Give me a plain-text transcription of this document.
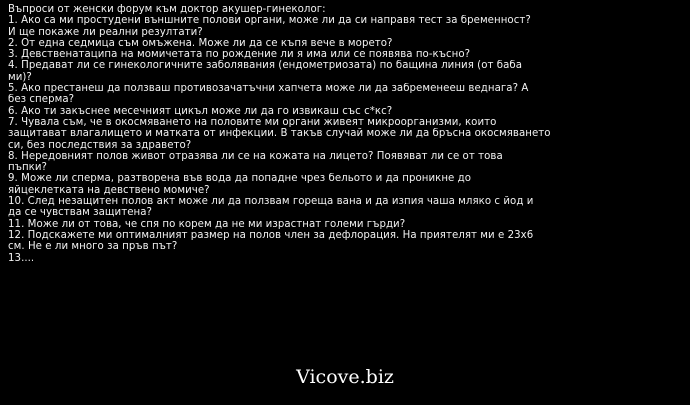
Въпроси от женски форум към доктор акушер-гинеколог:
1. Ако са ми простудени външните полови органи, може ли да си направя тест за бременност?
И ще покаже ли реални резултати?
2. От една седмица съм омъжена. Може ли да се къпя вече в морето?
3. Девственатаципа на момичетата по рождение ли я има или се появява по-късно?
4. Предават ли се гинекологичните заболявания (ендометриозата) по бащина линия (от баба
ми)?
5. Ако престанеш да ползваш противозачатъчни хапчета може ли да забременееш веднага? А
без сперма?
6. Ако ти закъснее месечният цикъл може ли да го извикаш със с*кс?
7. Чувала съм, че в окосмяването на половите ми органи живеят микроорганизми, които
защитават влагалището и матката от инфекции. В такъв случай може ли да бръсна окосмяването
си, без последствия за здравето?
8. Нередовният полов живот отразява ли се на кожата на лицето? Появяват ли се от това
пъпки?
9. Може ли сперма, разтворена във вода да попадне чрез бельото и да проникне до
яйцеклетката на девствено момиче?
10. След незащитен полов акт може ли да ползвам гореща вана и да изпия чаша мляко с йод и
да се чувствам защитена?
11. Може ли от това, че спя по корем да не ми израстнат големи гърди?
12. Подскажете ми оптималният размер на полов член за дефлорация. На приятелят ми е 23х6
см. Не е ли много за пръв път?
13....
Vicove.biz
